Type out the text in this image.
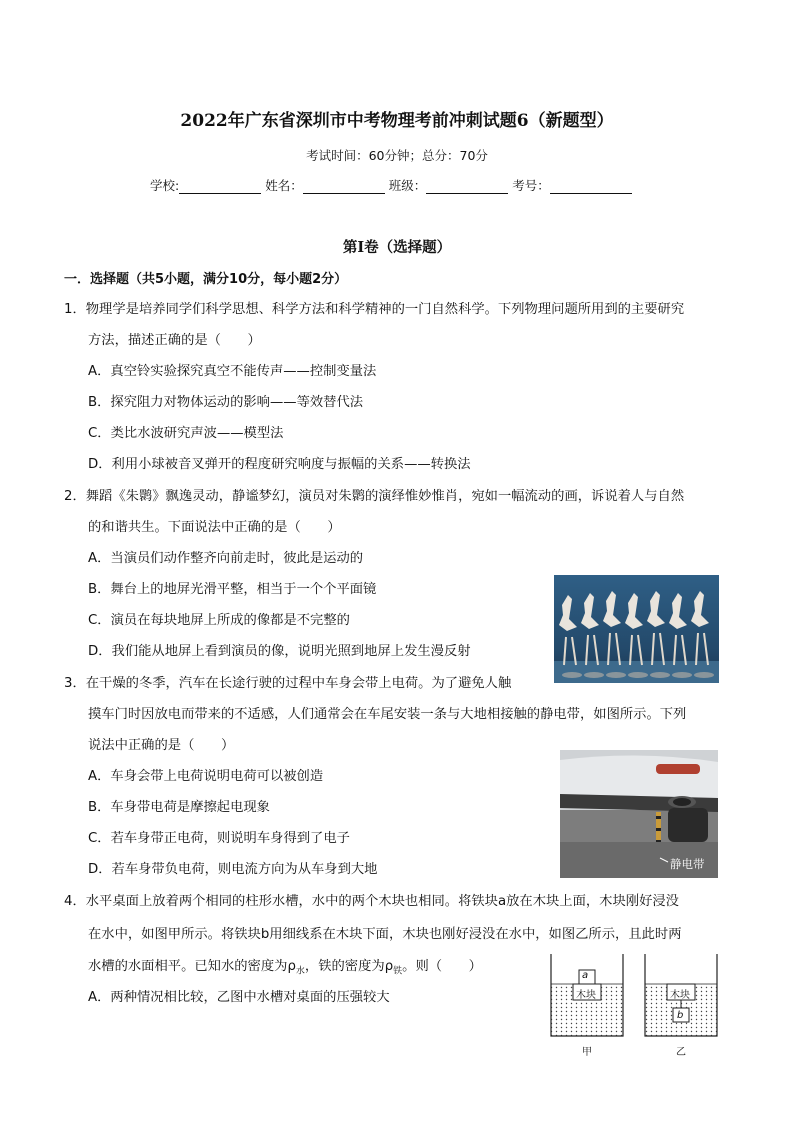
2022年广东省深圳市中考物理考前冲刺试题6（新题型）
考试时间：60分钟；总分：70分
学校:	姓名：	班级：	考号：
第Ⅰ卷（选择题）
一．选择题（共5小题，满分10分，每小题2分）
1．物理学是培养同学们科学思想、科学方法和科学精神的一门自然科学。下列物理问题所用到的主要研究
方法，描述正确的是（　　）
A．真空铃实验探究真空不能传声——控制变量法
B．探究阻力对物体运动的影响——等效替代法
C．类比水波研究声波——模型法
D．利用小球被音叉弹开的程度研究响度与振幅的关系——转换法
2．舞蹈《朱鹮》飘逸灵动，静谧梦幻，演员对朱鹮的演绎惟妙惟肖，宛如一幅流动的画，诉说着人与自然
的和谐共生。下面说法中正确的是（　　）
A．当演员们动作整齐向前走时，彼此是运动的
B．舞台上的地屏光滑平整，相当于一个个平面镜
C．演员在每块地屏上所成的像都是不完整的
D．我们能从地屏上看到演员的像，说明光照到地屏上发生漫反射
3．在干燥的冬季，汽车在长途行驶的过程中车身会带上电荷。为了避免人触
摸车门时因放电而带来的不适感，人们通常会在车尾安装一条与大地相接触的静电带，如图所示。下列
说法中正确的是（　　）
A．车身会带上电荷说明电荷可以被创造
B．车身带电荷是摩擦起电现象
C．若车身带正电荷，则说明车身得到了电子
D．若车身带负电荷，则电流方向为从车身到大地	静电带
4．水平桌面上放着两个相同的柱形水槽，水中的两个木块也相同。将铁块a放在木块上面，木块刚好浸没
在水中，如图甲所示。将铁块b用细线系在木块下面，木块也刚好浸没在水中，如图乙所示，且此时两
水槽的水面相平。已知水的密度为$\rho_水$，铁的密度为$\rho_铁$。则（　　）
A．两种情况相比较，乙图中水槽对桌面的压强较大
a
木块	木块
b
甲	乙
